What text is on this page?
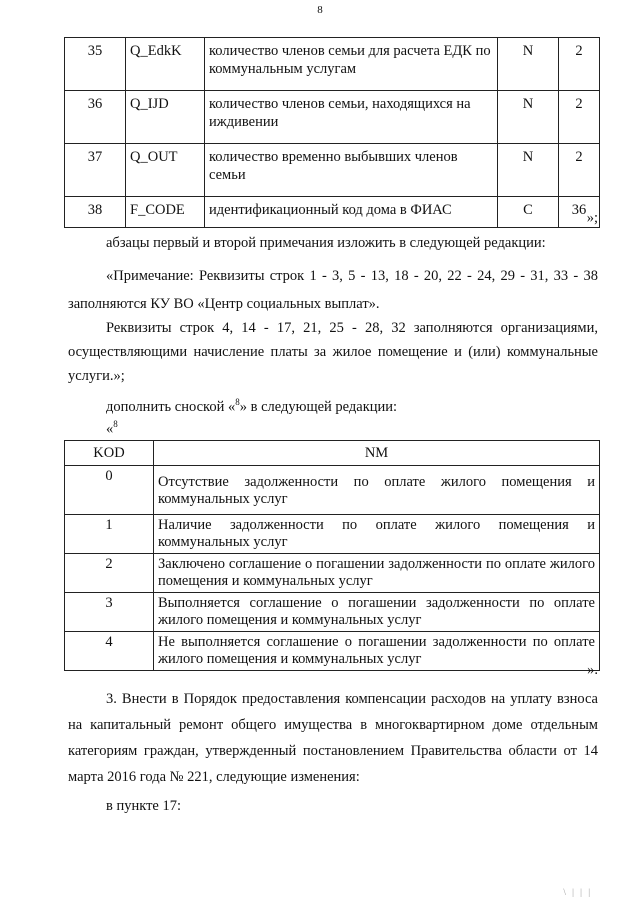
8
35	Q_EdkK	количество членов семьи для расчета ЕДК по коммунальным услугам	N	2
36	Q_IJD	количество членов семьи, находящихся на иждивении	N	2
37	Q_OUT	количество временно выбывших членов семьи	N	2
38	F_CODE	идентификационный код дома в ФИАС	C	36 »;
абзацы первый и второй примечания изложить в следующей редакции:
«Примечание: Реквизиты строк 1 - 3, 5 - 13, 18 - 20, 22 - 24, 29 - 31, 33 - 38 заполняются КУ ВО «Центр социальных выплат».
Реквизиты строк 4, 14 - 17, 21, 25 - 28, 32 заполняются организациями, осуществляющими начисление платы за жилое помещение и (или) коммунальные услуги.»;
дополнить сноской «$^8$» в следующей редакции:
«$^8$
KOD	NM
0	Отсутствие задолженности по оплате жилого помещения и коммунальных услуг
1	Наличие задолженности по оплате жилого помещения и коммунальных услуг
2	Заключено соглашение о погашении задолженности по оплате жилого помещения и коммунальных услуг
3	Выполняется соглашение о погашении задолженности по оплате жилого помещения и коммунальных услуг
4	Не выполняется соглашение о погашении задолженности по оплате жилого помещения и коммунальных услуг
».
3. Внести в Порядок предоставления компенсации расходов на уплату взноса на капитальный ремонт общего имущества в многоквартирном доме отдельным категориям граждан, утвержденный постановлением Правительства области от 14 марта 2016 года № 221, следующие изменения:
в пункте 17:
\ | | |
